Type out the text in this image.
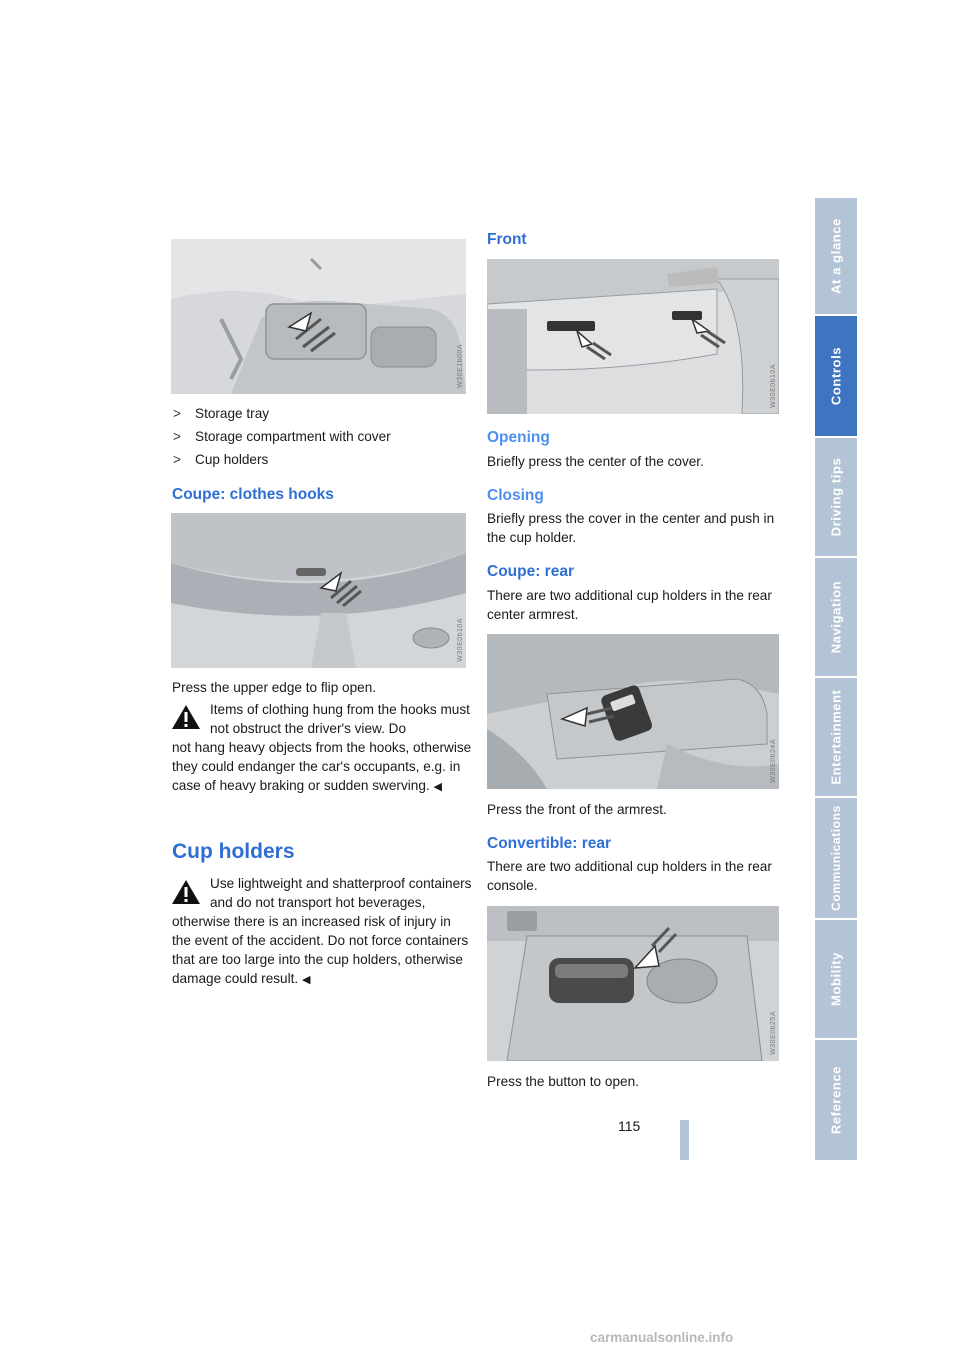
W30E1b00A
> Storage tray
> Storage compartment with cover
> Cup holders
Coupe: clothes hooks
W30E0b10A
Press the upper edge to flip open.
Items of clothing hung from the hooks must not obstruct the driver's view. Do
not hang heavy objects from the hooks, otherwise they could endanger the car's occupants, e.g. in case of heavy braking or sudden swerving. ◀
Cup holders
Use lightweight and shatterproof containers and do not transport hot beverages,
otherwise there is an increased risk of injury in the event of the accident. Do not force containers that are too large into the cup holders, otherwise damage could result. ◀
Front
W30E0b10A
Opening
Briefly press the center of the cover.
Closing
Briefly press the cover in the center and push in the cup holder.
Coupe: rear
There are two additional cup holders in the rear center armrest.
W30E0b24A
Press the front of the armrest.
Convertible: rear
There are two additional cup holders in the rear console.
W30E0b25A
Press the button to open.
At a glance
Controls
Driving tips
Navigation
Entertainment
Communications
Mobility
Reference
115
carmanualsonline.info
